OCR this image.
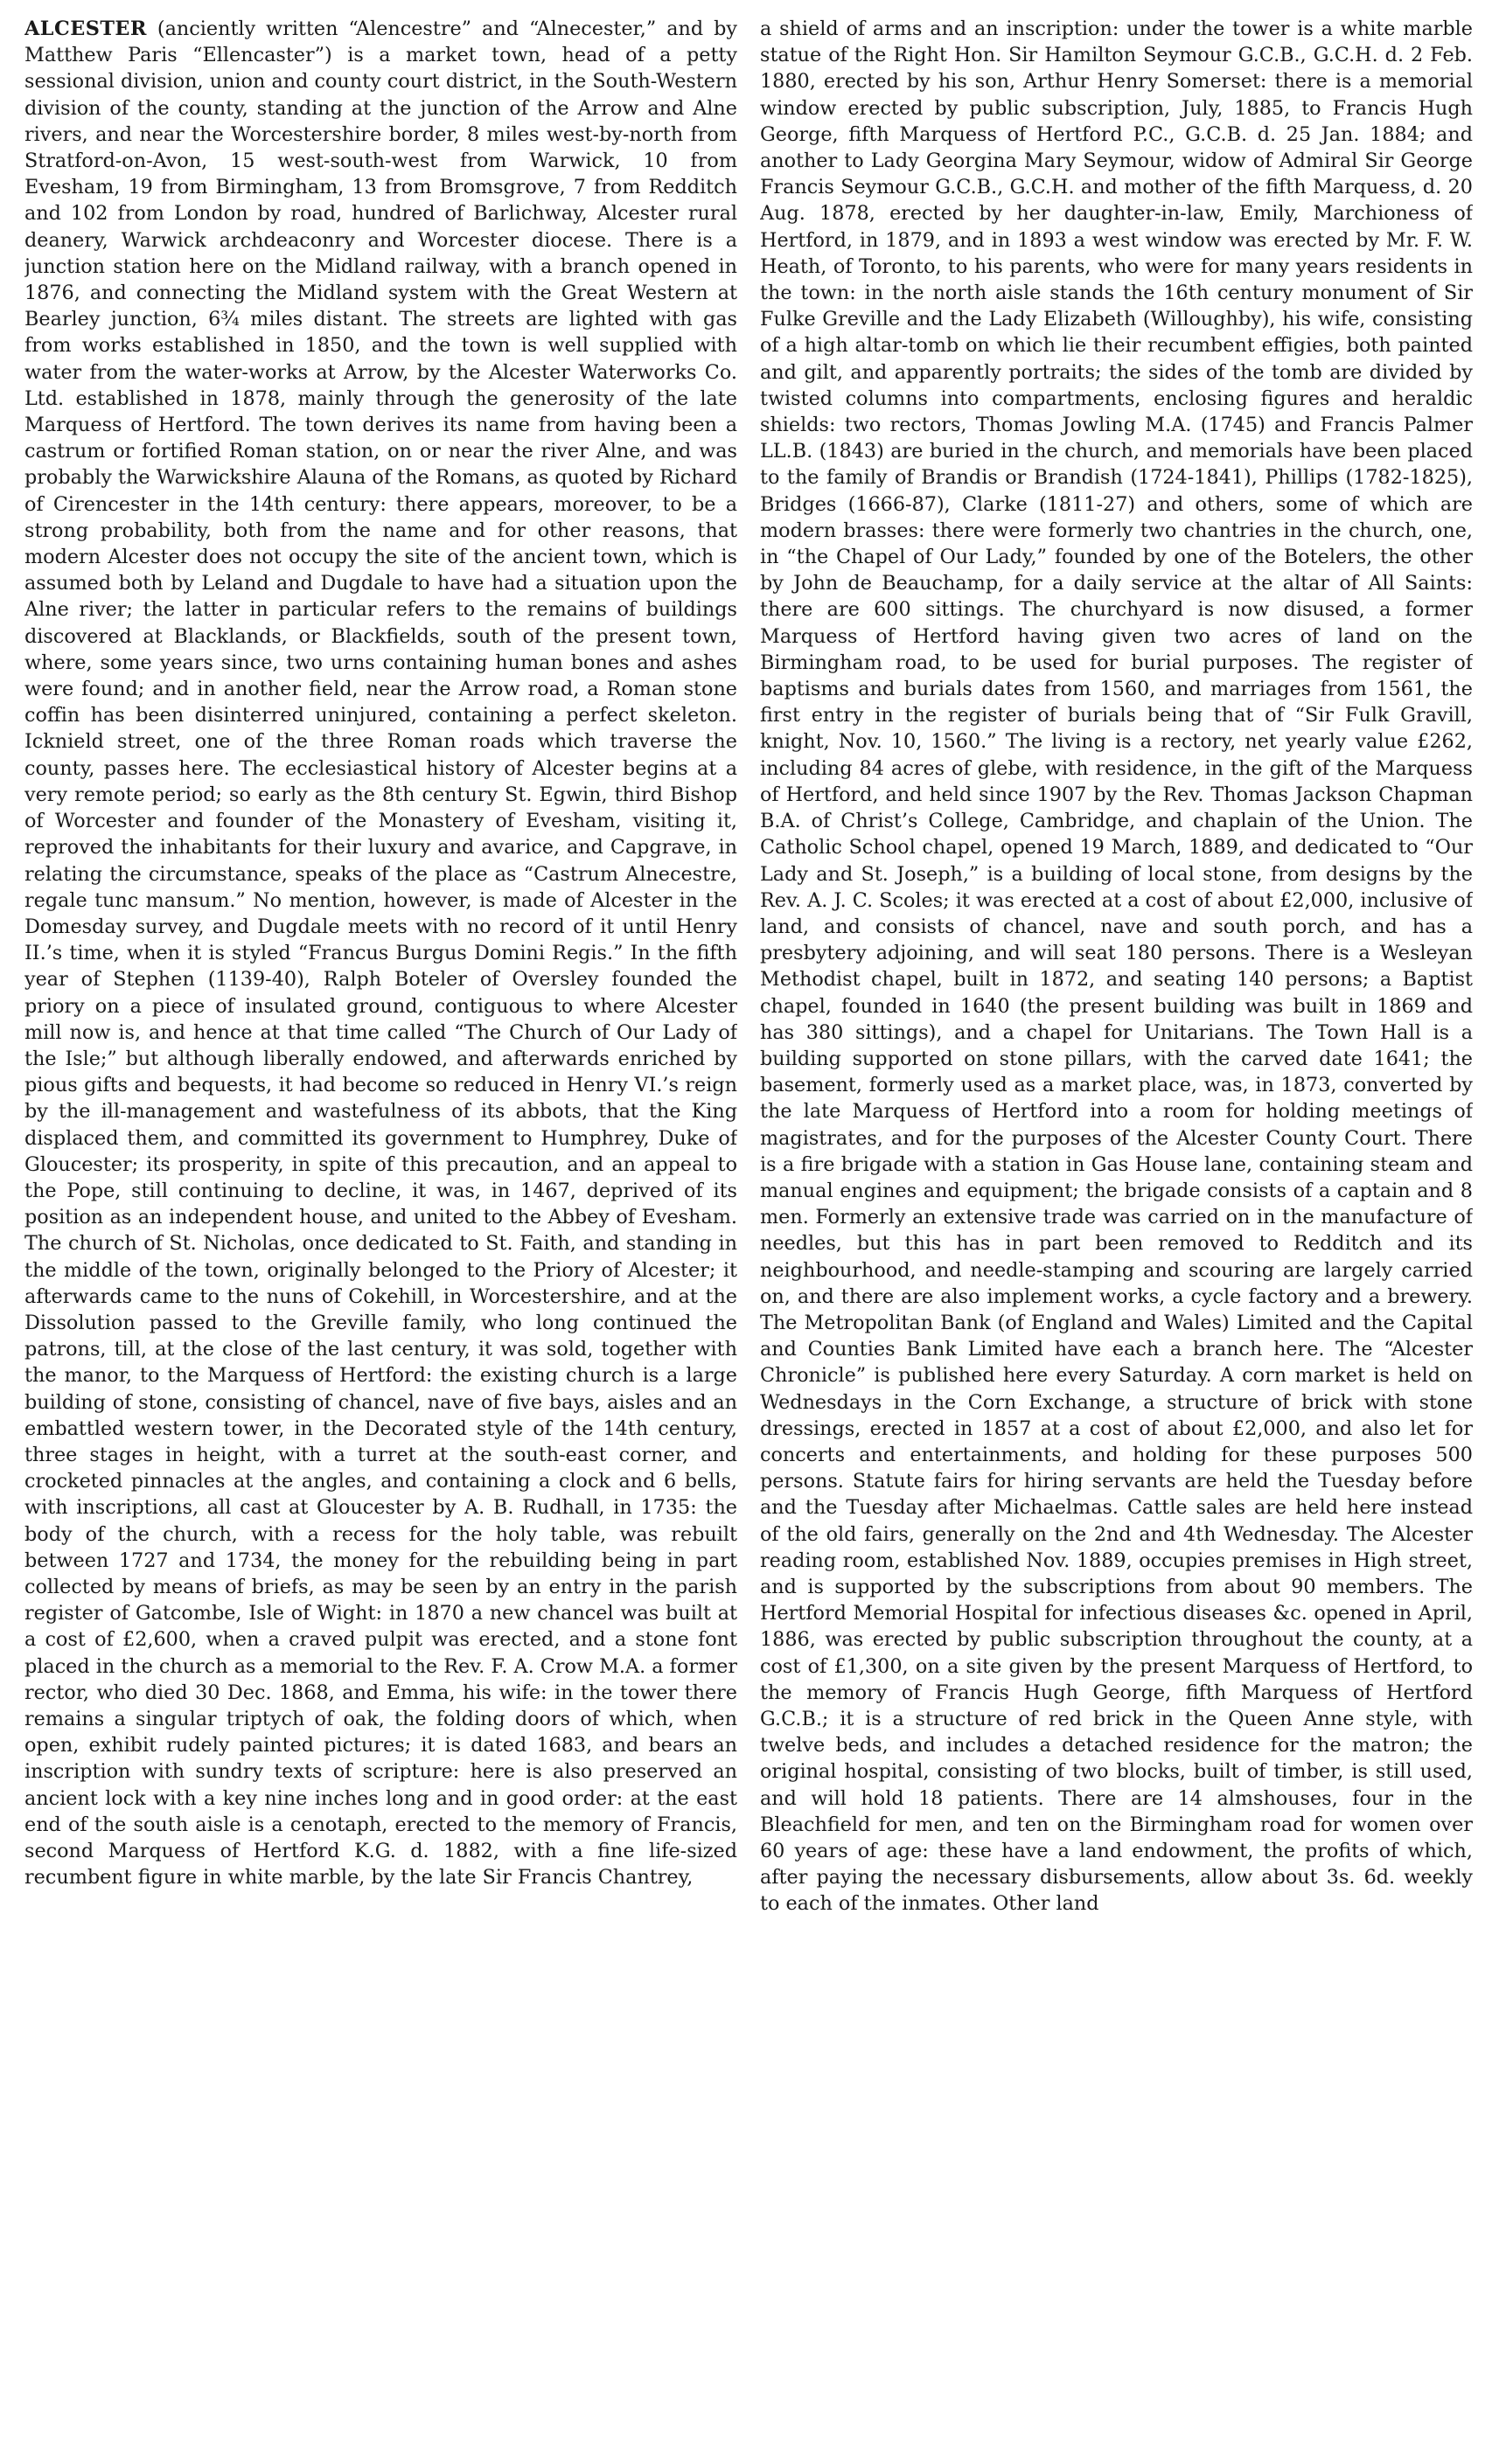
ALCESTER (anciently written “Alencestre” and “Alnecester,” and by Matthew Paris “Ellencaster”) is a market town, head of a petty sessional division, union and county court district, in the South-Western division of the county, standing at the junction of the Arrow and Alne rivers, and near the Worcestershire border, 8 miles west-by-north from Stratford-on-Avon, 15 west-south-west from Warwick, 10 from Evesham, 19 from Birmingham, 13 from Bromsgrove, 7 from Redditch and 102 from London by road, hundred of Barlichway, Alcester rural deanery, Warwick archdeaconry and Worcester diocese. There is a junction station here on the Midland railway, with a branch opened in 1876, and connecting the Midland system with the Great Western at Bearley junction, 6¾ miles distant. The streets are lighted with gas from works established in 1850, and the town is well supplied with water from the water-works at Arrow, by the Alcester Waterworks Co. Ltd. established in 1878, mainly through the generosity of the late Marquess of Hertford. The town derives its name from having been a castrum or fortified Roman station, on or near the river Alne, and was probably the Warwickshire Alauna of the Romans, as quoted by Richard of Cirencester in the 14th century: there appears, moreover, to be a strong probability, both from the name and for other reasons, that modern Alcester does not occupy the site of the ancient town, which is assumed both by Leland and Dugdale to have had a situation upon the Alne river; the latter in particular refers to the remains of buildings discovered at Blacklands, or Blackfields, south of the present town, where, some years since, two urns containing human bones and ashes were found; and in another field, near the Arrow road, a Roman stone coffin has been disinterred uninjured, containing a perfect skeleton. Icknield street, one of the three Roman roads which traverse the county, passes here. The ecclesiastical history of Alcester begins at a very remote period; so early as the 8th century St. Egwin, third Bishop of Worcester and founder of the Monastery of Evesham, visiting it, reproved the inhabitants for their luxury and avarice, and Capgrave, in relating the circumstance, speaks of the place as “Castrum Alnecestre, regale tunc mansum.” No mention, however, is made of Alcester in the Domesday survey, and Dugdale meets with no record of it until Henry II.’s time, when it is styled “Francus Burgus Domini Regis.” In the fifth year of Stephen (1139-40), Ralph Boteler of Oversley founded the priory on a piece of insulated ground, contiguous to where Alcester mill now is, and hence at that time called “The Church of Our Lady of the Isle;” but although liberally endowed, and afterwards enriched by pious gifts and bequests, it had become so reduced in Henry VI.’s reign by the ill-management and wastefulness of its abbots, that the King displaced them, and committed its government to Humphrey, Duke of Gloucester; its prosperity, in spite of this precaution, and an appeal to the Pope, still continuing to decline, it was, in 1467, deprived of its position as an independent house, and united to the Abbey of Evesham. The church of St. Nicholas, once dedicated to St. Faith, and standing in the middle of the town, originally belonged to the Priory of Alcester; it afterwards came to the nuns of Cokehill, in Worcestershire, and at the Dissolution passed to the Greville family, who long continued the patrons, till, at the close of the last century, it was sold, together with the manor, to the Marquess of Hertford: the existing church is a large building of stone, consisting of chancel, nave of five bays, aisles and an embattled western tower, in the Decorated style of the 14th century, three stages in height, with a turret at the south-east corner, and crocketed pinnacles at the angles, and containing a clock and 6 bells, with inscriptions, all cast at Gloucester by A. B. Rudhall, in 1735: the body of the church, with a recess for the holy table, was rebuilt between 1727 and 1734, the money for the rebuilding being in part collected by means of briefs, as may be seen by an entry in the parish register of Gatcombe, Isle of Wight: in 1870 a new chancel was built at a cost of £2,600, when a craved pulpit was erected, and a stone font placed in the church as a memorial to the Rev. F. A. Crow M.A. a former rector, who died 30 Dec. 1868, and Emma, his wife: in the tower there remains a singular triptych of oak, the folding doors of which, when open, exhibit rudely painted pictures; it is dated 1683, and bears an inscription with sundry texts of scripture: here is also preserved an ancient lock with a key nine inches long and in good order: at the east end of the south aisle is a cenotaph, erected to the memory of Francis, second Marquess of Hertford K.G. d. 1882, with a fine life-sized recumbent figure in white marble, by the late Sir Francis Chantrey,

a shield of arms and an inscription: under the tower is a white marble statue of the Right Hon. Sir Hamilton Seymour G.C.B., G.C.H. d. 2 Feb. 1880, erected by his son, Arthur Henry Somerset: there is a memorial window erected by public subscription, July, 1885, to Francis Hugh George, fifth Marquess of Hertford P.C., G.C.B. d. 25 Jan. 1884; and another to Lady Georgina Mary Seymour, widow of Admiral Sir George Francis Seymour G.C.B., G.C.H. and mother of the fifth Marquess, d. 20 Aug. 1878, erected by her daughter-in-law, Emily, Marchioness of Hertford, in 1879, and in 1893 a west window was erected by Mr. F. W. Heath, of Toronto, to his parents, who were for many years residents in the town: in the north aisle stands the 16th century monument of Sir Fulke Greville and the Lady Elizabeth (Willoughby), his wife, consisting of a high altar-tomb on which lie their recumbent effigies, both painted and gilt, and apparently portraits; the sides of the tomb are divided by twisted columns into compartments, enclosing figures and heraldic shields: two rectors, Thomas Jowling M.A. (1745) and Francis Palmer LL.B. (1843) are buried in the church, and memorials have been placed to the family of Brandis or Brandish (1724-1841), Phillips (1782-1825), Bridges (1666-87), Clarke (1811-27) and others, some of which are modern brasses: there were formerly two chantries in the church, one, in “the Chapel of Our Lady,” founded by one of the Botelers, the other by John de Beauchamp, for a daily service at the altar of All Saints: there are 600 sittings. The churchyard is now disused, a former Marquess of Hertford having given two acres of land on the Birmingham road, to be used for burial purposes. The register of baptisms and burials dates from 1560, and marriages from 1561, the first entry in the register of burials being that of “Sir Fulk Gravill, knight, Nov. 10, 1560.” The living is a rectory, net yearly value £262, including 84 acres of glebe, with residence, in the gift of the Marquess of Hertford, and held since 1907 by the Rev. Thomas Jackson Chapman B.A. of Christ’s College, Cambridge, and chaplain of the Union. The Catholic School chapel, opened 19 March, 1889, and dedicated to “Our Lady and St. Joseph,” is a building of local stone, from designs by the Rev. A. J. C. Scoles; it was erected at a cost of about £2,000, inclusive of land, and consists of chancel, nave and south porch, and has a presbytery adjoining, and will seat 180 persons. There is a Wesleyan Methodist chapel, built in 1872, and seating 140 persons; a Baptist chapel, founded in 1640 (the present building was built in 1869 and has 380 sittings), and a chapel for Unitarians. The Town Hall is a building supported on stone pillars, with the carved date 1641; the basement, formerly used as a market place, was, in 1873, converted by the late Marquess of Hertford into a room for holding meetings of magistrates, and for the purposes of the Alcester County Court. There is a fire brigade with a station in Gas House lane, containing steam and manual engines and equipment; the brigade consists of a captain and 8 men. Formerly an extensive trade was carried on in the manufacture of needles, but this has in part been removed to Redditch and its neighbourhood, and needle-stamping and scouring are largely carried on, and there are also implement works, a cycle factory and a brewery. The Metropolitan Bank (of England and Wales) Limited and the Capital and Counties Bank Limited have each a branch here. The “Alcester Chronicle” is published here every Saturday. A corn market is held on Wednesdays in the Corn Exchange, a structure of brick with stone dressings, erected in 1857 at a cost of about £2,000, and also let for concerts and entertainments, and holding for these purposes 500 persons. Statute fairs for hiring servants are held the Tuesday before and the Tuesday after Michaelmas. Cattle sales are held here instead of the old fairs, generally on the 2nd and 4th Wednesday. The Alcester reading room, established Nov. 1889, occupies premises in High street, and is supported by the subscriptions from about 90 members. The Hertford Memorial Hospital for infectious diseases &c. opened in April, 1886, was erected by public subscription throughout the county, at a cost of £1,300, on a site given by the present Marquess of Hertford, to the memory of Francis Hugh George, fifth Marquess of Hertford G.C.B.; it is a structure of red brick in the Queen Anne style, with twelve beds, and includes a detached residence for the matron; the original hospital, consisting of two blocks, built of timber, is still used, and will hold 18 patients. There are 14 almshouses, four in the Bleachfield for men, and ten on the Birmingham road for women over 60 years of age: these have a land endowment, the profits of which, after paying the necessary disbursements, allow about 3s. 6d. weekly to each of the inmates. Other land
